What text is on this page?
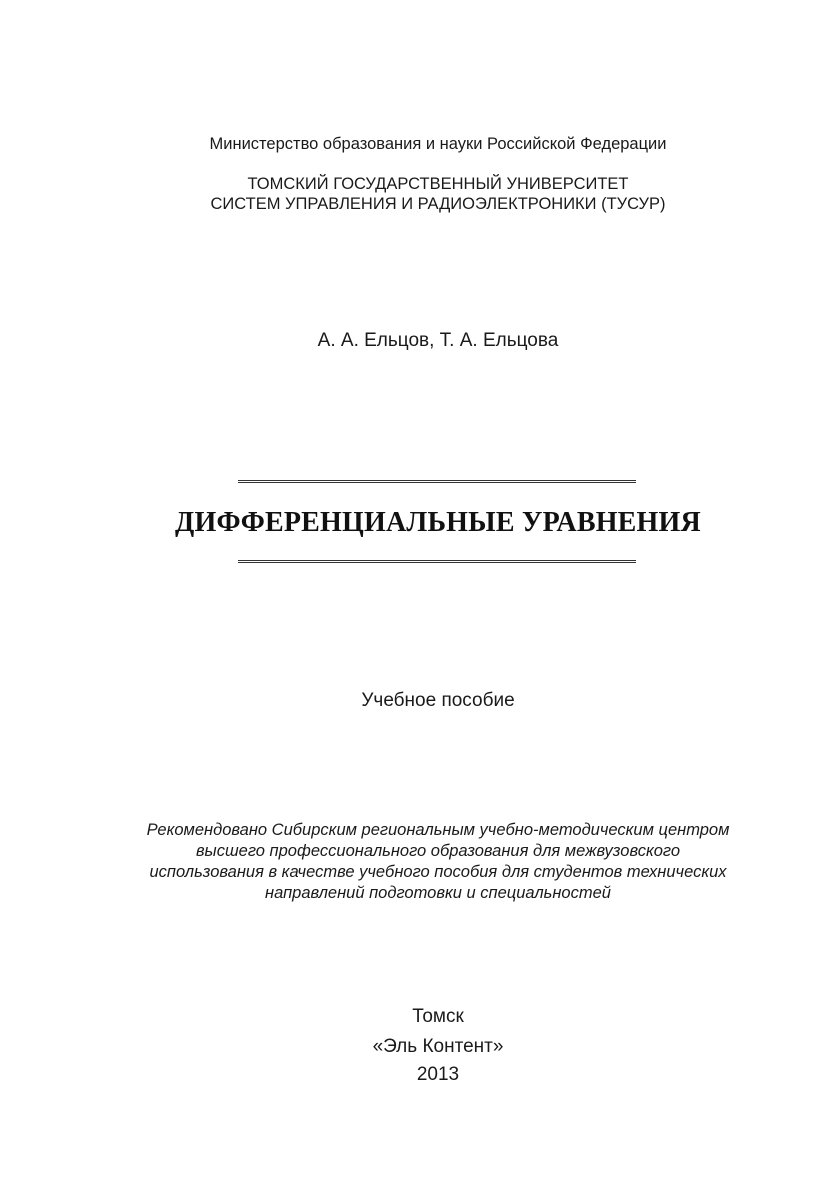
Министерство образования и науки Российской Федерации
ТОМСКИЙ ГОСУДАРСТВЕННЫЙ УНИВЕРСИТЕТ
СИСТЕМ УПРАВЛЕНИЯ И РАДИОЭЛЕКТРОНИКИ (ТУСУР)
А. А. Ельцов, Т. А. Ельцова
ДИФФЕРЕНЦИАЛЬНЫЕ УРАВНЕНИЯ
Учебное пособие
Рекомендовано Сибирским региональным учебно-методическим центром
высшего профессионального образования для межвузовского
использования в качестве учебного пособия для студентов технических
направлений подготовки и специальностей
Томск
«Эль Контент»
2013
